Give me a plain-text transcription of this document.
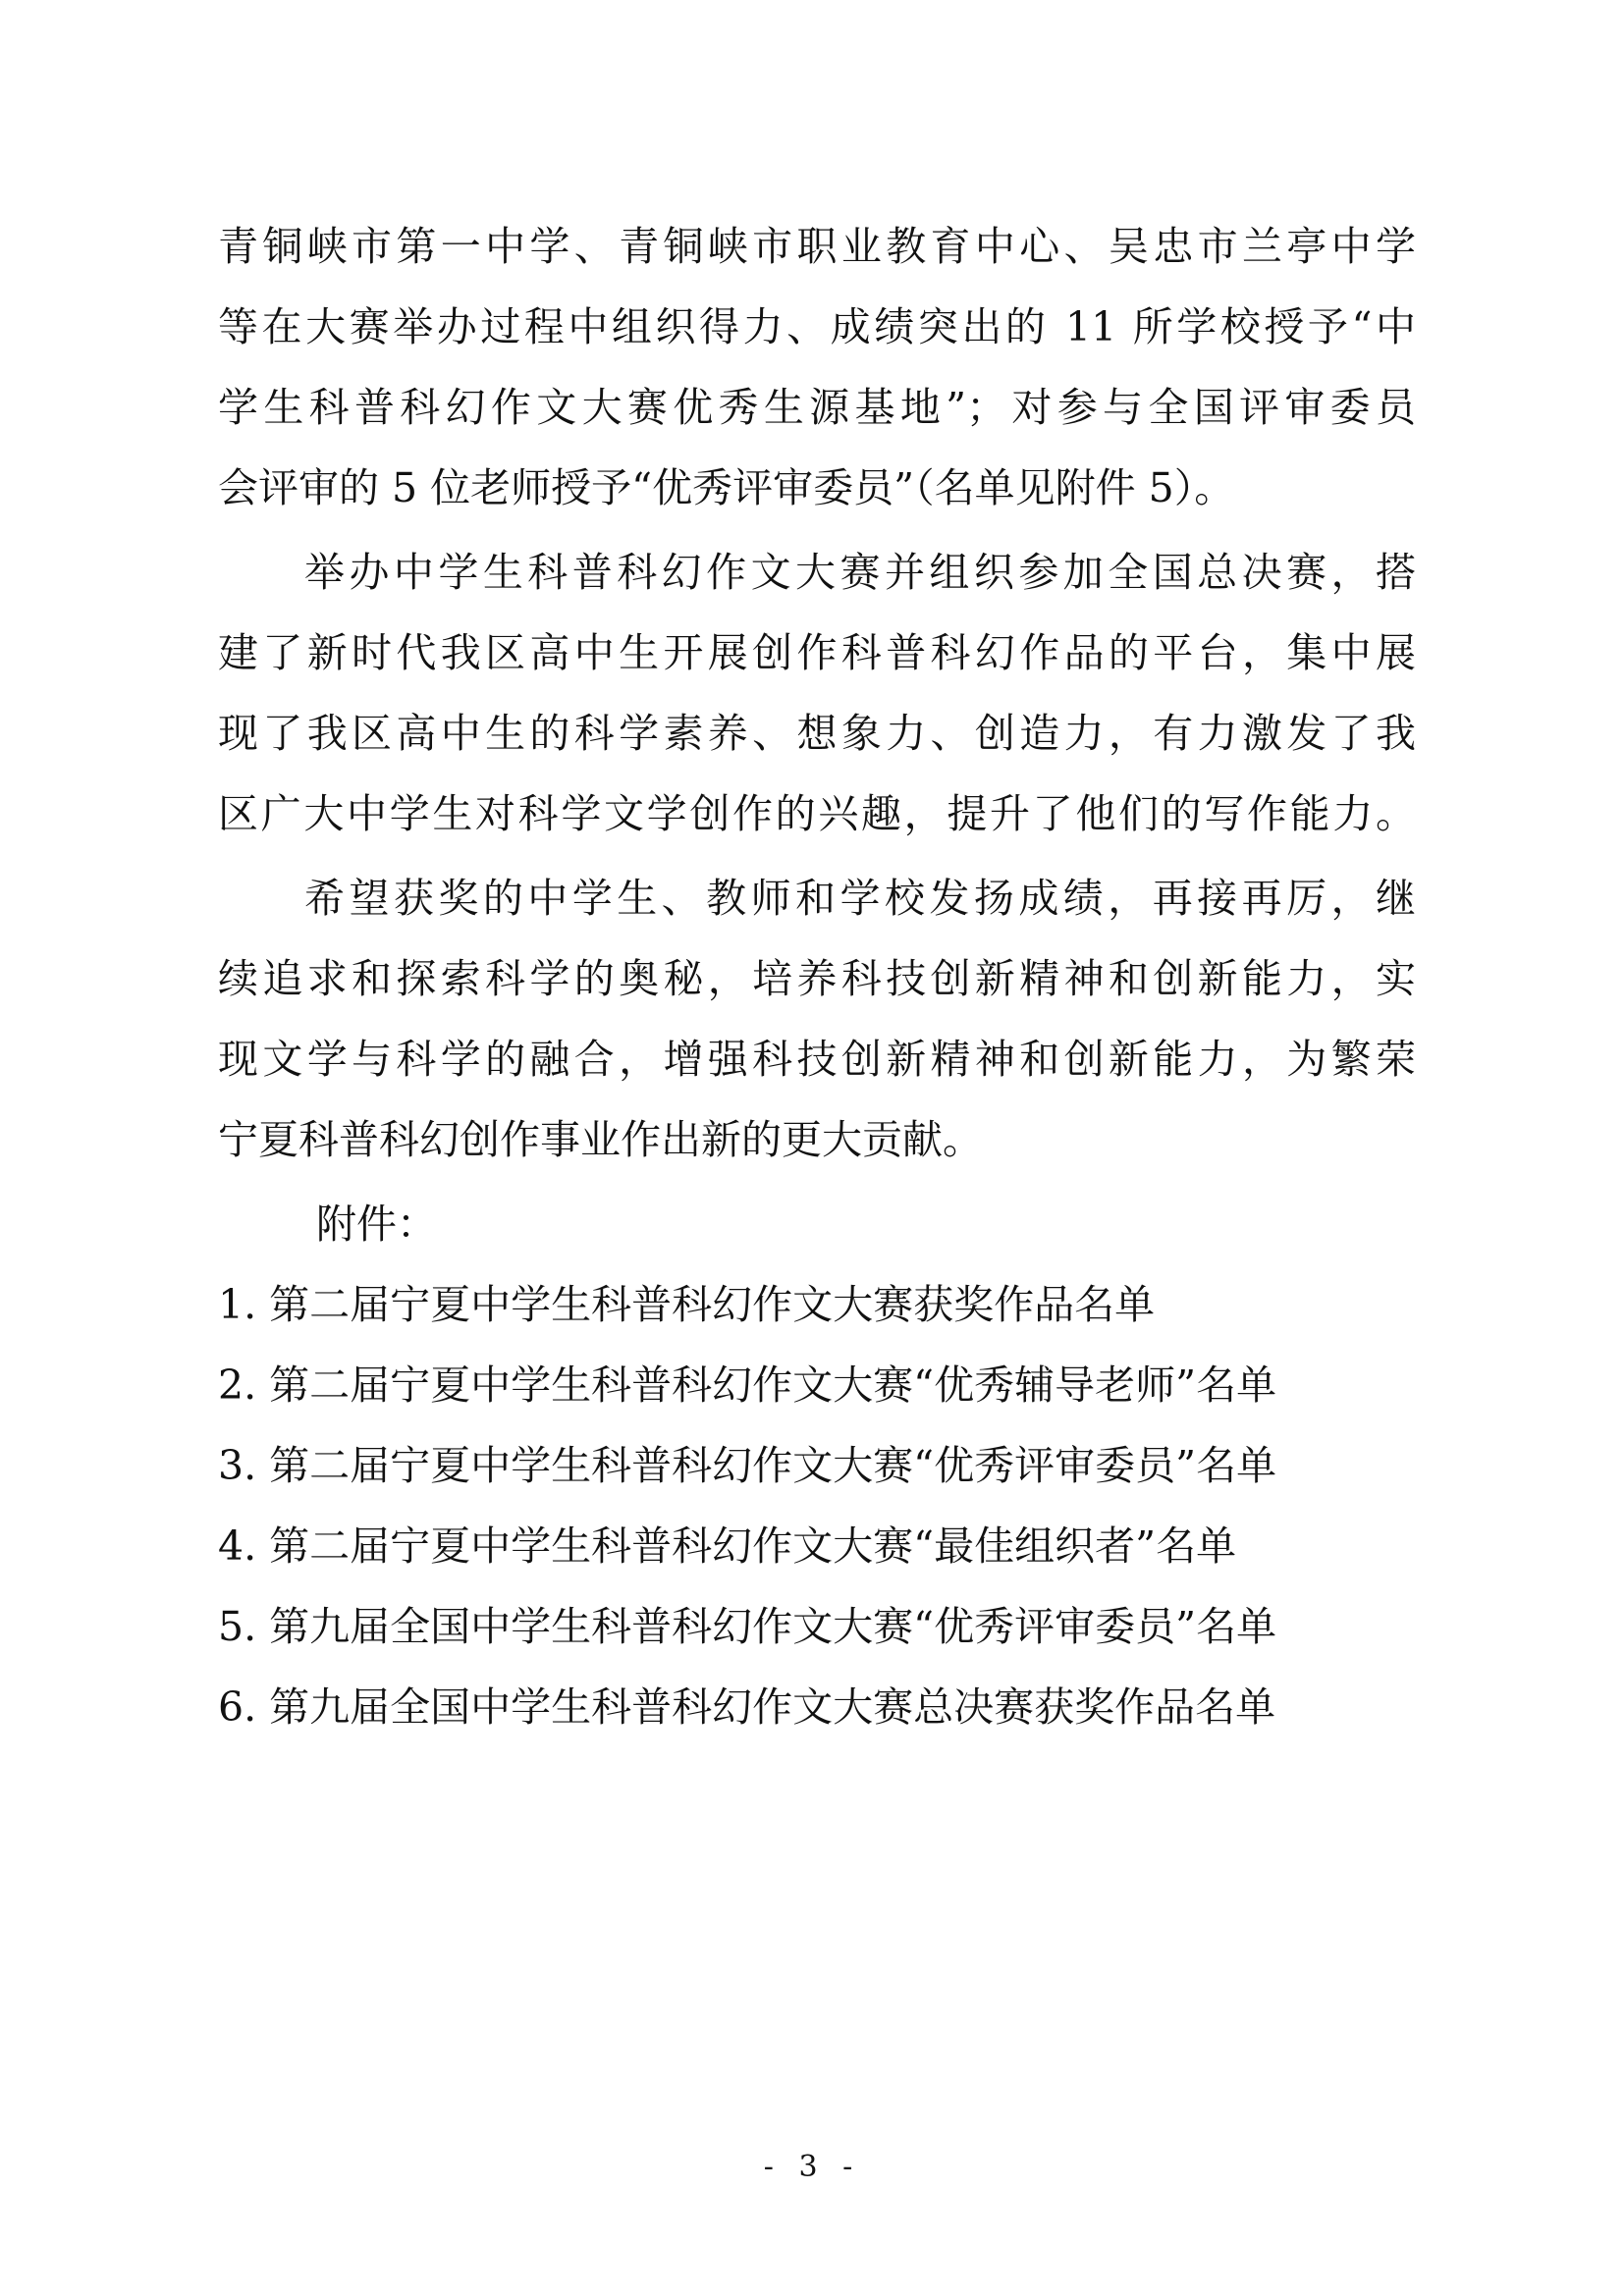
青铜峡市第一中学、青铜峡市职业教育中心、吴忠市兰亭中学
等在大赛举办过程中组织得力、成绩突出的 11 所学校授予“中
学生科普科幻作文大赛优秀生源基地”；对参与全国评审委员
会评审的 5 位老师授予“优秀评审委员”（名单见附件 5）。
举办中学生科普科幻作文大赛并组织参加全国总决赛，搭
建了新时代我区高中生开展创作科普科幻作品的平台，集中展
现了我区高中生的科学素养、想象力、创造力，有力激发了我
区广大中学生对科学文学创作的兴趣，提升了他们的写作能力。
希望获奖的中学生、教师和学校发扬成绩，再接再厉，继
续追求和探索科学的奥秘，培养科技创新精神和创新能力，实
现文学与科学的融合，增强科技创新精神和创新能力，为繁荣
宁夏科普科幻创作事业作出新的更大贡献。
附件：
1. 第二届宁夏中学生科普科幻作文大赛获奖作品名单
2. 第二届宁夏中学生科普科幻作文大赛“优秀辅导老师”名单
3. 第二届宁夏中学生科普科幻作文大赛“优秀评审委员”名单
4. 第二届宁夏中学生科普科幻作文大赛“最佳组织者”名单
5. 第九届全国中学生科普科幻作文大赛“优秀评审委员”名单
6. 第九届全国中学生科普科幻作文大赛总决赛获奖作品名单
- 3 -
